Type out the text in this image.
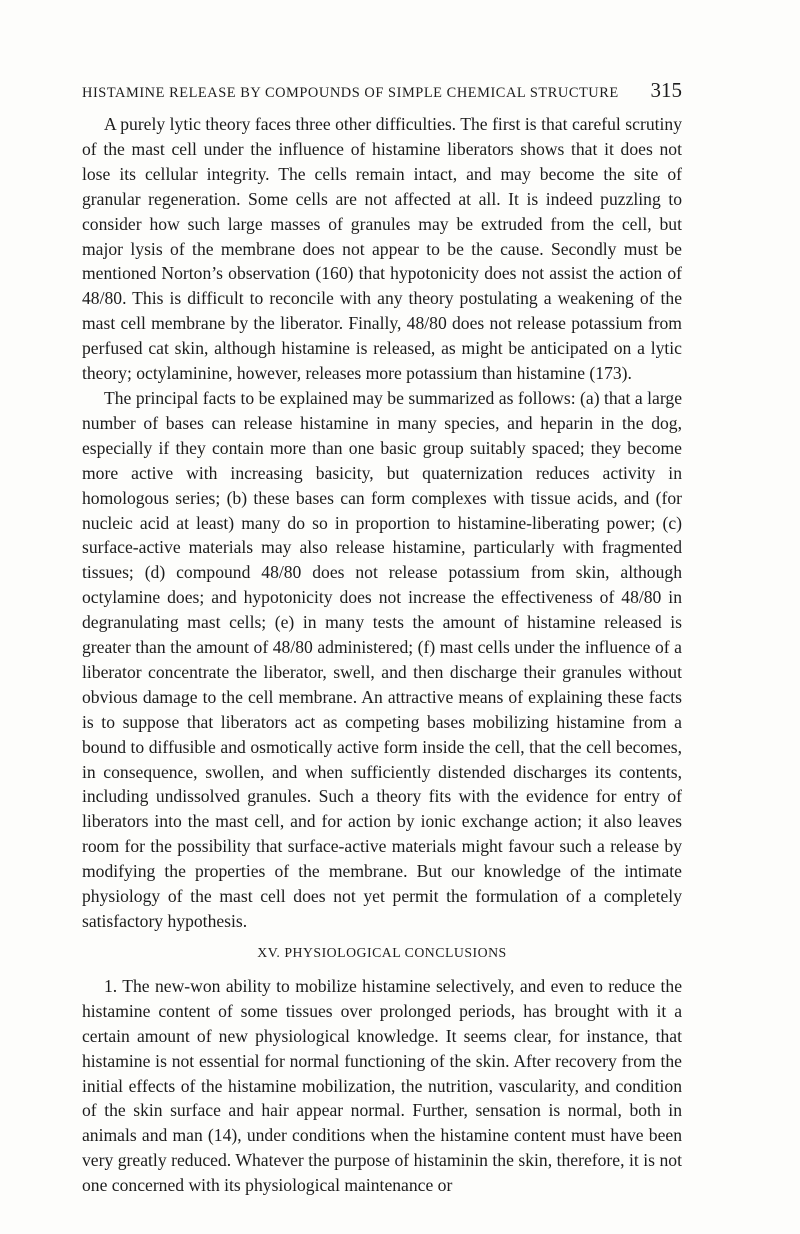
HISTAMINE RELEASE BY COMPOUNDS OF SIMPLE CHEMICAL STRUCTURE 315

A purely lytic theory faces three other difficulties. The first is that careful scrutiny of the mast cell under the influence of histamine liberators shows that it does not lose its cellular integrity. The cells remain intact, and may become the site of granular regeneration. Some cells are not affected at all. It is indeed puzzling to consider how such large masses of granules may be extruded from the cell, but major lysis of the membrane does not appear to be the cause. Secondly must be mentioned Norton’s observation (160) that hypotonicity does not assist the action of 48/80. This is difficult to reconcile with any theory postulating a weakening of the mast cell membrane by the liberator. Finally, 48/80 does not release potassium from perfused cat skin, although histamine is released, as might be anticipated on a lytic theory; octylaminine, however, releases more potassium than histamine (173).

The principal facts to be explained may be summarized as follows: (a) that a large number of bases can release histamine in many species, and heparin in the dog, especially if they contain more than one basic group suitably spaced; they become more active with increasing basicity, but quaternization reduces activity in homologous series; (b) these bases can form complexes with tissue acids, and (for nucleic acid at least) many do so in proportion to histamine-liberating power; (c) surface-active materials may also release histamine, particularly with fragmented tissues; (d) compound 48/80 does not release potassium from skin, although octylamine does; and hypotonicity does not increase the effectiveness of 48/80 in degranulating mast cells; (e) in many tests the amount of histamine released is greater than the amount of 48/80 administered; (f) mast cells under the influence of a liberator concentrate the liberator, swell, and then discharge their granules without obvious damage to the cell membrane. An attractive means of explaining these facts is to suppose that liberators act as competing bases mobilizing histamine from a bound to diffusible and osmotically active form inside the cell, that the cell becomes, in consequence, swollen, and when sufficiently distended discharges its contents, including undissolved granules. Such a theory fits with the evidence for entry of liberators into the mast cell, and for action by ionic exchange action; it also leaves room for the possibility that surface-active materials might favour such a release by modifying the properties of the membrane. But our knowledge of the intimate physiology of the mast cell does not yet permit the formulation of a completely satisfactory hypothesis.

XV. PHYSIOLOGICAL CONCLUSIONS

1. The new-won ability to mobilize histamine selectively, and even to reduce the histamine content of some tissues over prolonged periods, has brought with it a certain amount of new physiological knowledge. It seems clear, for instance, that histamine is not essential for normal functioning of the skin. After recovery from the initial effects of the histamine mobilization, the nutrition, vascularity, and condition of the skin surface and hair appear normal. Further, sensation is normal, both in animals and man (14), under conditions when the histamine content must have been very greatly reduced. Whatever the purpose of histaminin the skin, therefore, it is not one concerned with its physiological maintenance or
